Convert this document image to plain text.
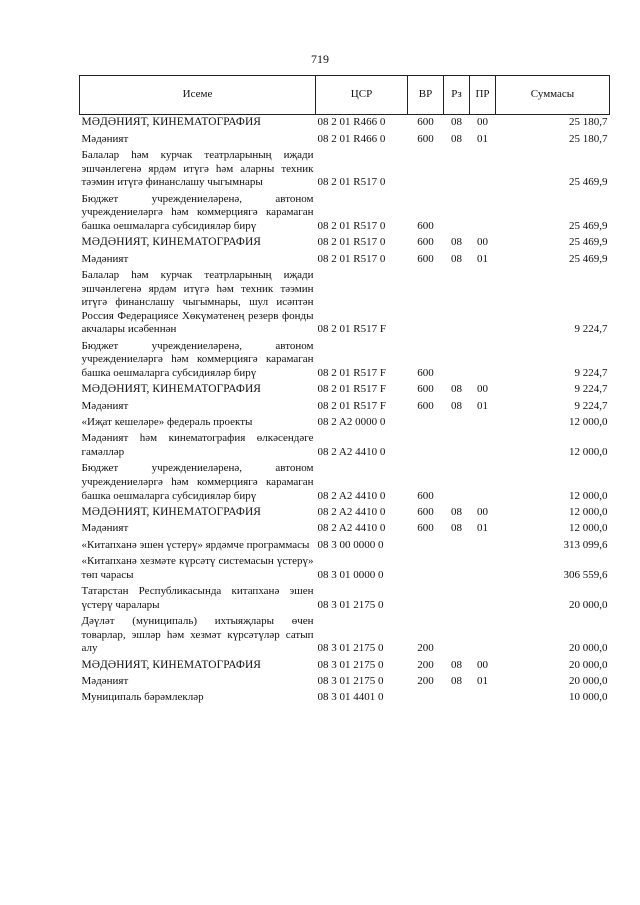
719
Исеме	ЦСР	ВР	Рз	ПР	Суммасы
МӘДӘНИЯТ, КИНЕМАТОГРАФИЯ	08 2 01 R466 0	600	08	00	25 180,7
Мәдәният	08 2 01 R466 0	600	08	01	25 180,7
Балалар һәм курчак театрларының иҗади эшчәнлегенә ярдәм итүгә һәм аларны техник тәэмин итүгә финанслашу чыгымнары	08 2 01 R517 0				25 469,9
Бюджет учреждениеләренә, автоном учреждениеләргә һәм коммерциягә карамаган башка оешмаларга субсидияләр бирү	08 2 01 R517 0	600			25 469,9
МӘДӘНИЯТ, КИНЕМАТОГРАФИЯ	08 2 01 R517 0	600	08	00	25 469,9
Мәдәният	08 2 01 R517 0	600	08	01	25 469,9
Балалар һәм курчак театрларының иҗади эшчәнлегенә ярдәм итүгә һәм техник тәэмин итүгә финанслашу чыгымнары, шул исәптән Россия Федерациясе Хөкүмәтенең резерв фонды акчалары исәбеннән	08 2 01 R517 F				9 224,7
Бюджет учреждениеләренә, автоном учреждениеләргә һәм коммерциягә карамаган башка оешмаларга субсидияләр бирү	08 2 01 R517 F	600			9 224,7
МӘДӘНИЯТ, КИНЕМАТОГРАФИЯ	08 2 01 R517 F	600	08	00	9 224,7
Мәдәният	08 2 01 R517 F	600	08	01	9 224,7
«Иҗат кешеләре» федераль проекты	08 2 A2 0000 0				12 000,0
Мәдәният һәм кинематография өлкәсендәге гамәлләр	08 2 A2 4410 0				12 000,0
Бюджет учреждениеләренә, автоном учреждениеләргә һәм коммерциягә карамаган башка оешмаларга субсидияләр бирү	08 2 A2 4410 0	600			12 000,0
МӘДӘНИЯТ, КИНЕМАТОГРАФИЯ	08 2 A2 4410 0	600	08	00	12 000,0
Мәдәният	08 2 A2 4410 0	600	08	01	12 000,0
«Китапханә эшен үстерү» ярдәмче программасы	08 3 00 0000 0				313 099,6
«Китапханә хезмәте күрсәтү системасын үстерү» төп чарасы	08 3 01 0000 0				306 559,6
Татарстан Республикасында китапханә эшен үстерү чаралары	08 3 01 2175 0				20 000,0
Дәүләт (муниципаль) ихтыяҗлары өчен товарлар, эшләр һәм хезмәт күрсәтүләр сатып алу	08 3 01 2175 0	200			20 000,0
МӘДӘНИЯТ, КИНЕМАТОГРАФИЯ	08 3 01 2175 0	200	08	00	20 000,0
Мәдәният	08 3 01 2175 0	200	08	01	20 000,0
Муниципаль бәрәмлекләр	08 3 01 4401 0				10 000,0
